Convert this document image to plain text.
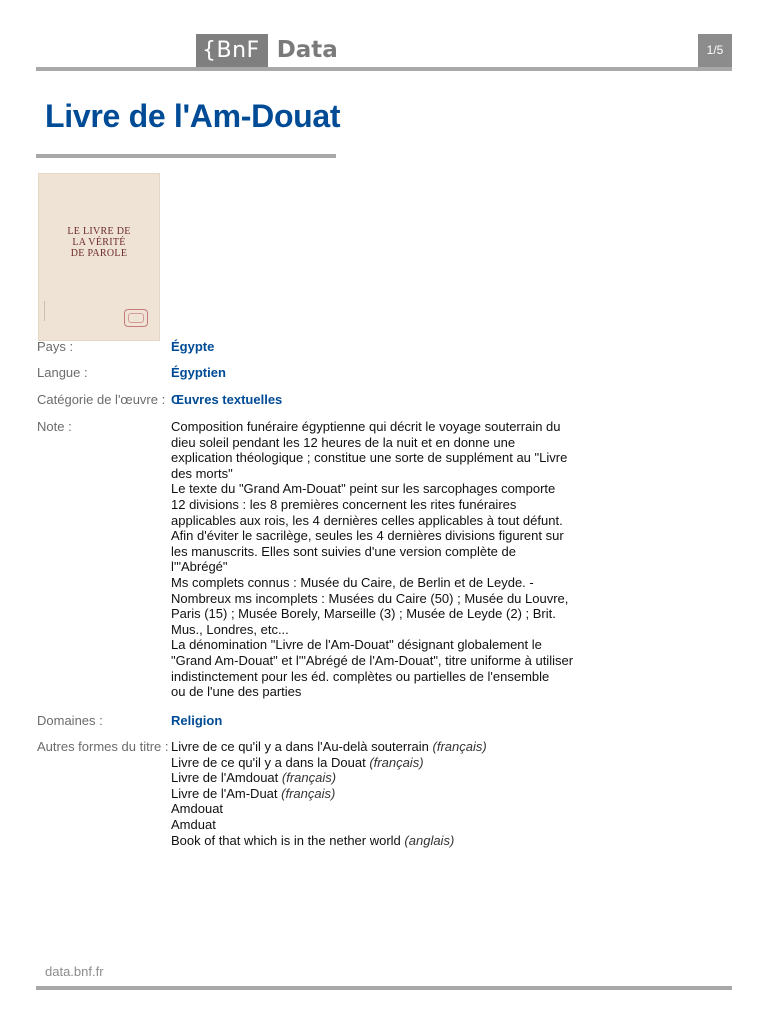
{BnF Data	1/5
Livre de l'Am-Douat
LE LIVRE DE
LA VÉRITÉ
DE PAROLE
Pays :	Égypte
Langue :	Égyptien
Catégorie de l'œuvre : Œuvres textuelles
Note :	Composition funéraire égyptienne qui décrit le voyage souterrain du
dieu soleil pendant les 12 heures de la nuit et en donne une
explication théologique ; constitue une sorte de supplément au "Livre
des morts"
Le texte du "Grand Am-Douat" peint sur les sarcophages comporte
12 divisions : les 8 premières concernent les rites funéraires
applicables aux rois, les 4 dernières celles applicables à tout défunt.
Afin d'éviter le sacrilège, seules les 4 dernières divisions figurent sur
les manuscrits. Elles sont suivies d'une version complète de
l'"Abrégé"
Ms complets connus : Musée du Caire, de Berlin et de Leyde. -
Nombreux ms incomplets : Musées du Caire (50) ; Musée du Louvre,
Paris (15) ; Musée Borely, Marseille (3) ; Musée de Leyde (2) ; Brit.
Mus., Londres, etc...
La dénomination "Livre de l'Am-Douat" désignant globalement le
"Grand Am-Douat" et l'"Abrégé de l'Am-Douat", titre uniforme à utiliser
indistinctement pour les éd. complètes ou partielles de l'ensemble
ou de l'une des parties
Domaines :	Religion
Autres formes du titre : Livre de ce qu'il y a dans l'Au-delà souterrain (français)
Livre de ce qu'il y a dans la Douat (français)
Livre de l'Amdouat (français)
Livre de l'Am-Duat (français)
Amdouat
Amduat
Book of that which is in the nether world (anglais)
data.bnf.fr
